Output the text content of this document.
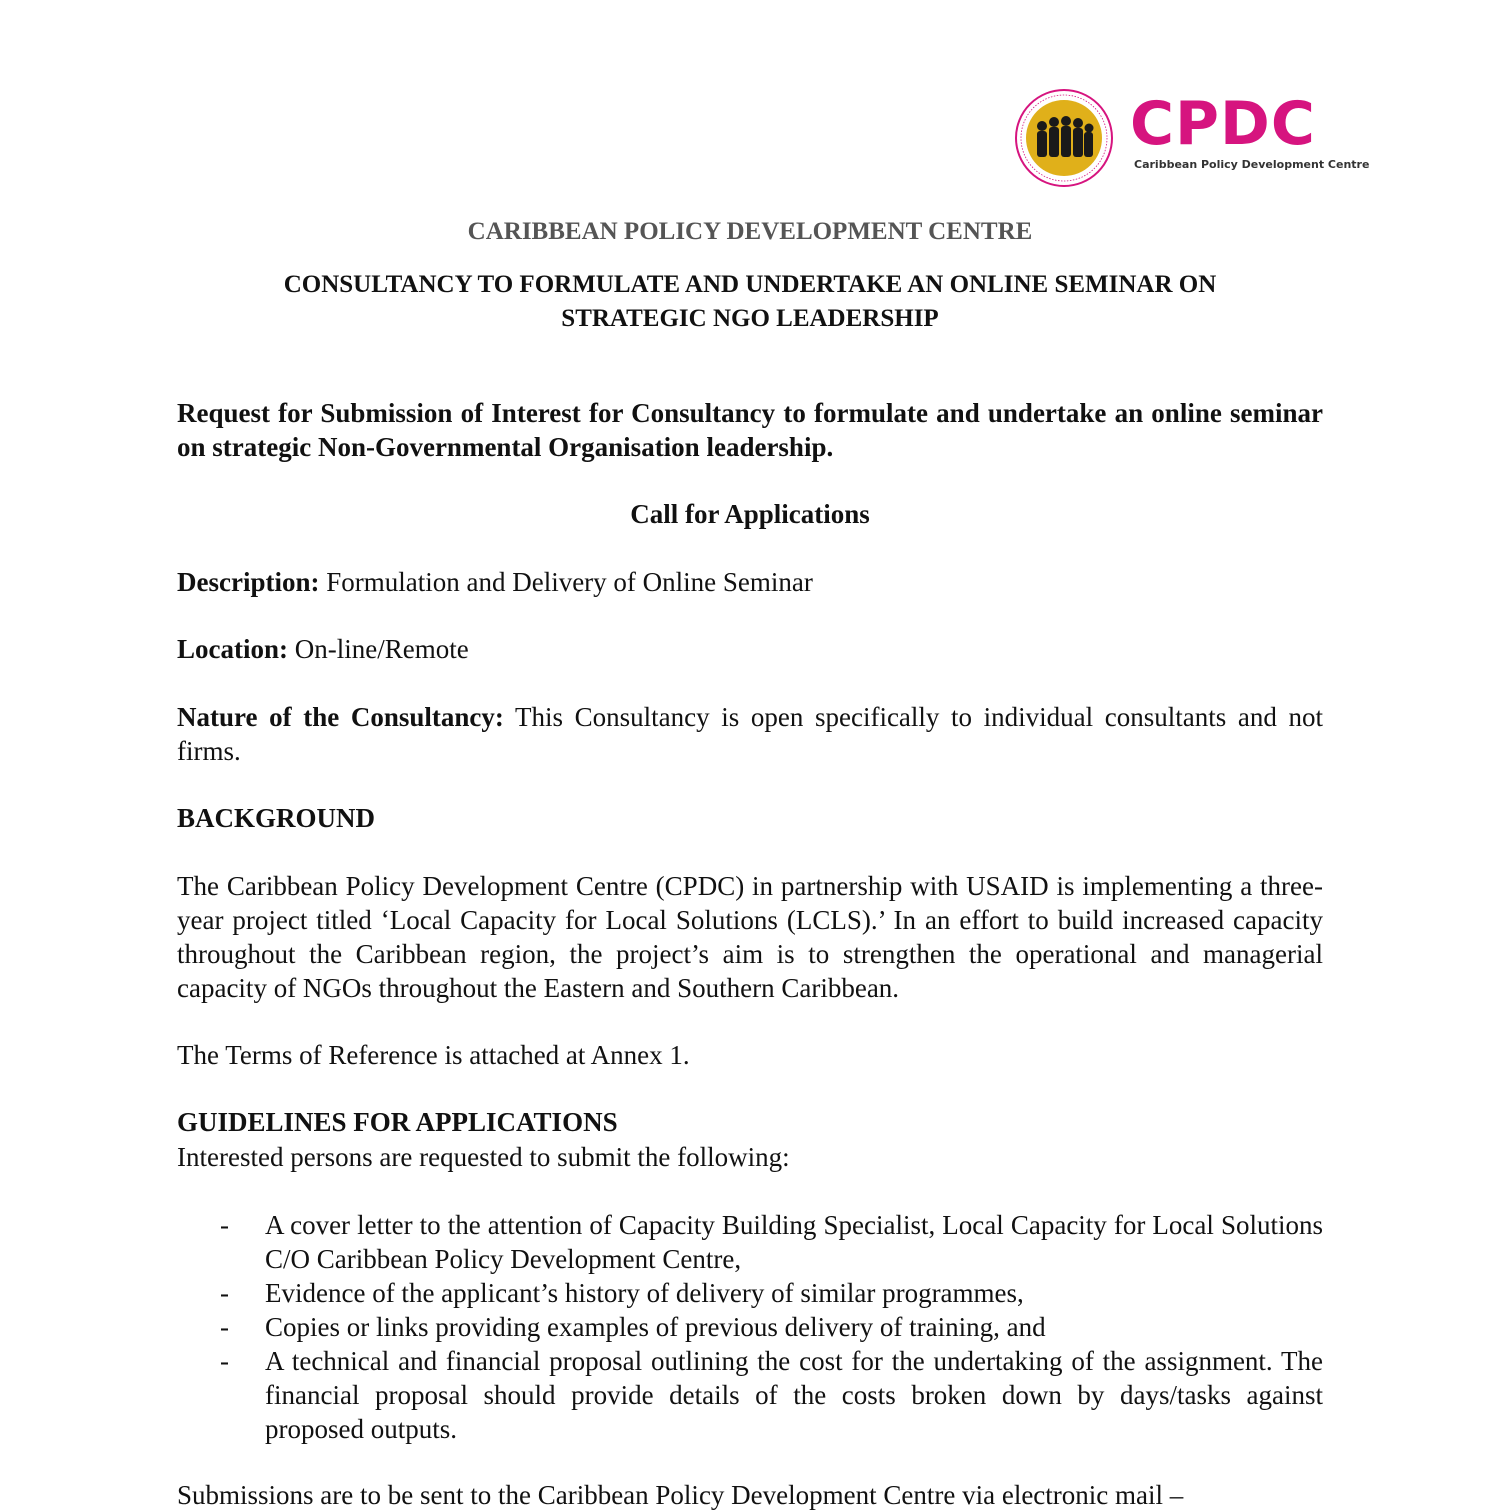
CPDC
Caribbean Policy Development Centre
CARIBBEAN POLICY DEVELOPMENT CENTRE
CONSULTANCY TO FORMULATE AND UNDERTAKE AN ONLINE SEMINAR ON
STRATEGIC NGO LEADERSHIP
Request for Submission of Interest for Consultancy to formulate and undertake an online seminar on strategic Non-Governmental Organisation leadership.
Call for Applications
Description: Formulation and Delivery of Online Seminar
Location: On-line/Remote
Nature of the Consultancy: This Consultancy is open specifically to individual consultants and not firms.
BACKGROUND
The Caribbean Policy Development Centre (CPDC) in partnership with USAID is implementing a three-year project titled ‘Local Capacity for Local Solutions (LCLS).’ In an effort to build increased capacity throughout the Caribbean region, the project’s aim is to strengthen the operational and managerial capacity of NGOs throughout the Eastern and Southern Caribbean.
The Terms of Reference is attached at Annex 1.
GUIDELINES FOR APPLICATIONS
Interested persons are requested to submit the following:
- A cover letter to the attention of Capacity Building Specialist, Local Capacity for Local Solutions C/O Caribbean Policy Development Centre,
- Evidence of the applicant’s history of delivery of similar programmes,
- Copies or links providing examples of previous delivery of training, and
- A technical and financial proposal outlining the cost for the undertaking of the assignment. The financial proposal should provide details of the costs broken down by days/tasks against proposed outputs.
Submissions are to be sent to the Caribbean Policy Development Centre via electronic mail –
